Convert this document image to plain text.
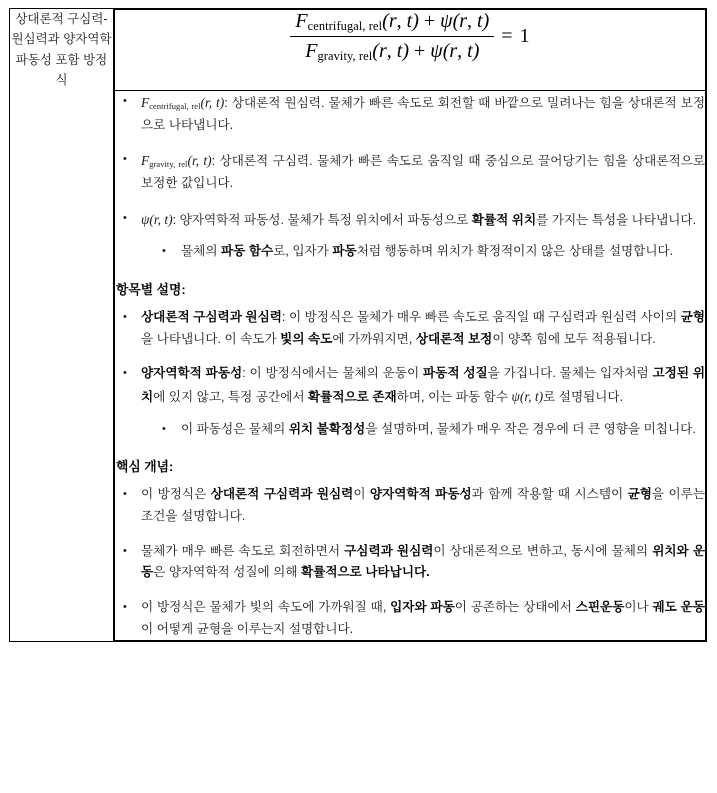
상대론적 구심력-원심력과 양자역학 파동성 포함 방정식	
$\frac{F_{centrifugal, rel}(r, t) + \psi(r, t)}{F_{gravity, rel}(r, t) + \psi(r, t)} = 1$

• $F_{centrifugal, rel}(r$, t): 상대론적 원심력. 물체가 빠른 속도로 회전할 때 바깥으로 밀려나는 힘을 상대론적 보정으로 나타냅니다.
• $F_{gravity, rel}(r$, t): 상대론적 구심력. 물체가 빠른 속도로 움직일 때 중심으로 끌어당기는 힘을 상대론적으로 보정한 값입니다.
• ψ(r, t): 양자역학적 파동성. 물체가 특정 위치에서 파동성으로 확률적 위치를 가지는 특성을 나타냅니다.
• 물체의 파동 함수로, 입자가 파동처럼 행동하며 위치가 확정적이지 않은 상태를 설명합니다.
항목별 설명:
• 상대론적 구심력과 원심력: 이 방정식은 물체가 매우 빠른 속도로 움직일 때 구심력과 원심력 사이의 균형을 나타냅니다. 이 속도가 빛의 속도에 가까워지면, 상대론적 보정이 양쪽 힘에 모두 적용됩니다.
• 양자역학적 파동성: 이 방정식에서는 물체의 운동이 파동적 성질을 가집니다. 물체는 입자처럼 고정된 위치에 있지 않고, 특정 공간에서 확률적으로 존재하며, 이는 파동 함수 ψ(r, t)로 설명됩니다.
• 이 파동성은 물체의 위치 불확정성을 설명하며, 물체가 매우 작은 경우에 더 큰 영향을 미칩니다.
핵심 개념:
• 이 방정식은 상대론적 구심력과 원심력이 양자역학적 파동성과 함께 작용할 때 시스템이 균형을 이루는 조건을 설명합니다.
• 물체가 매우 빠른 속도로 회전하면서 구심력과 원심력이 상대론적으로 변하고, 동시에 물체의 위치와 운동은 양자역학적 성질에 의해 확률적으로 나타납니다.
• 이 방정식은 물체가 빛의 속도에 가까워질 때, 입자와 파동이 공존하는 상태에서 스핀운동이나 궤도 운동이 어떻게 균형을 이루는지 설명합니다.
